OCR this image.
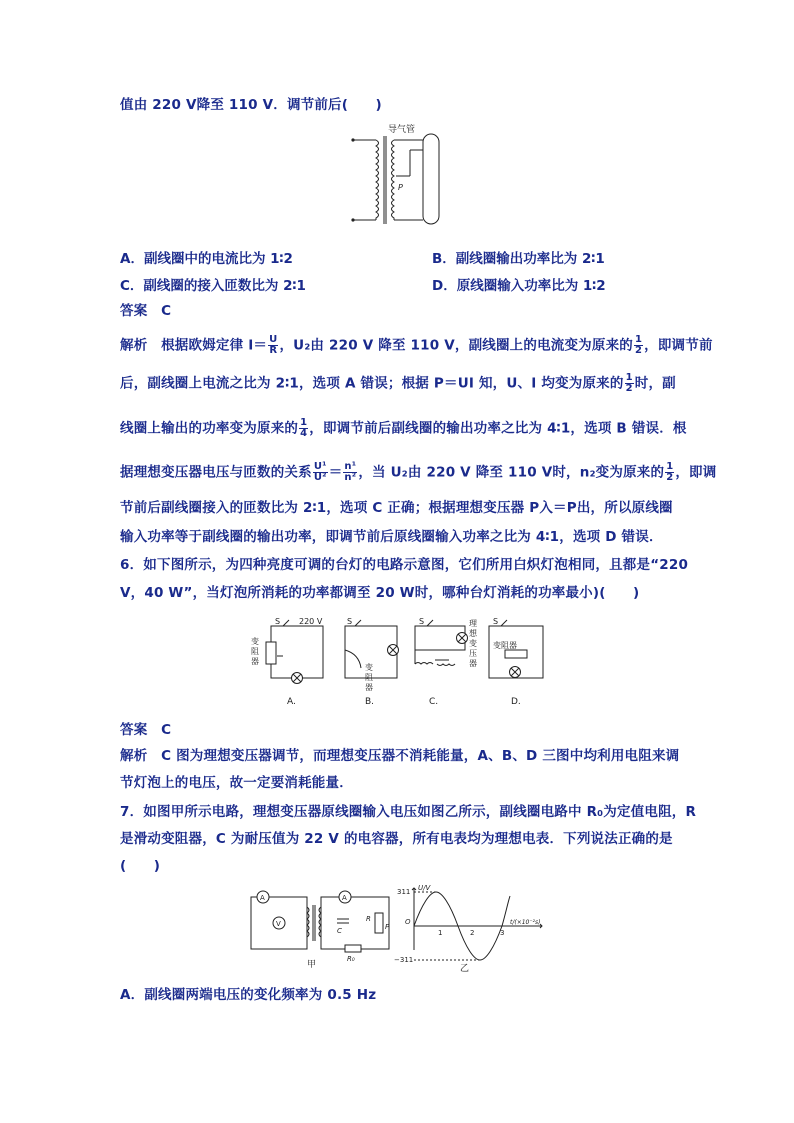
值由 220 V降至 110 V．调节前后(　　)
导气管
P
A．副线圈中的电流比为 1∶2	B．副线圈输出功率比为 2∶1
C．副线圈的接入匝数比为 2∶1	D．原线圈输入功率比为 1∶2
答案　C
解析　根据欧姆定律 $I= \frac{U}{R}$ ，U₂由 220 V 降至 110 V，副线圈上的电流变为原来的 $\frac{1}{2}$ ，即调节前
后，副线圈上电流之比为 2∶1，选项 A 错误；根据 P＝UI 知，U、I 均变为原来的 $\frac{1}{2}$ 时，副
线圈上输出的功率变为原来的 $\frac{1}{4}$ ，即调节前后副线圈的输出功率之比为 4∶1，选项 B 错误．根
据理想变压器电压与匝数的关系 $\frac{\text{U¹}}{\text{U²}} = \frac{\text{n¹}}{\text{n²}}$ ，当 U₂由 220 V 降至 110 V时，n₂变为原来的 $\frac{1}{2}$ ，即调
节前后副线圈接入的匝数比为 2∶1，选项 C 正确；根据理想变压器 P入＝P出，所以原线圈
输入功率等于副线圈的输出功率，即调节前后原线圈输入功率之比为 4∶1，选项 D 错误．
6．如下图所示，为四种亮度可调的台灯的电路示意图，它们所用白炽灯泡相同，且都是“220
V，40 W”，当灯泡所消耗的功率都调至 20 W时，哪种台灯消耗的功率最小)(　　)
S 220 V	S	S	S
变
阻
器
变
阻
器
理
想
变
压
器
变阻器
A.	B.	C.	D.
答案　C
解析　C 图为理想变压器调节，而理想变压器不消耗能量，A、B、D 三图中均利用电阻来调
节灯泡上的电压，故一定要消耗能量．
7．如图甲所示电路，理想变压器原线圈输入电压如图乙所示，副线圈电路中 R₀为定值电阻，R
是滑动变阻器，C 为耐压值为 22 V 的电容器，所有电表均为理想电表．下列说法正确的是
(　　)
A
V
A
C
R
P
R₀
甲
U/V
311
−311
O
1	2	3
t/(×10⁻²s)
乙
A．副线圈两端电压的变化频率为 0.5 Hz
